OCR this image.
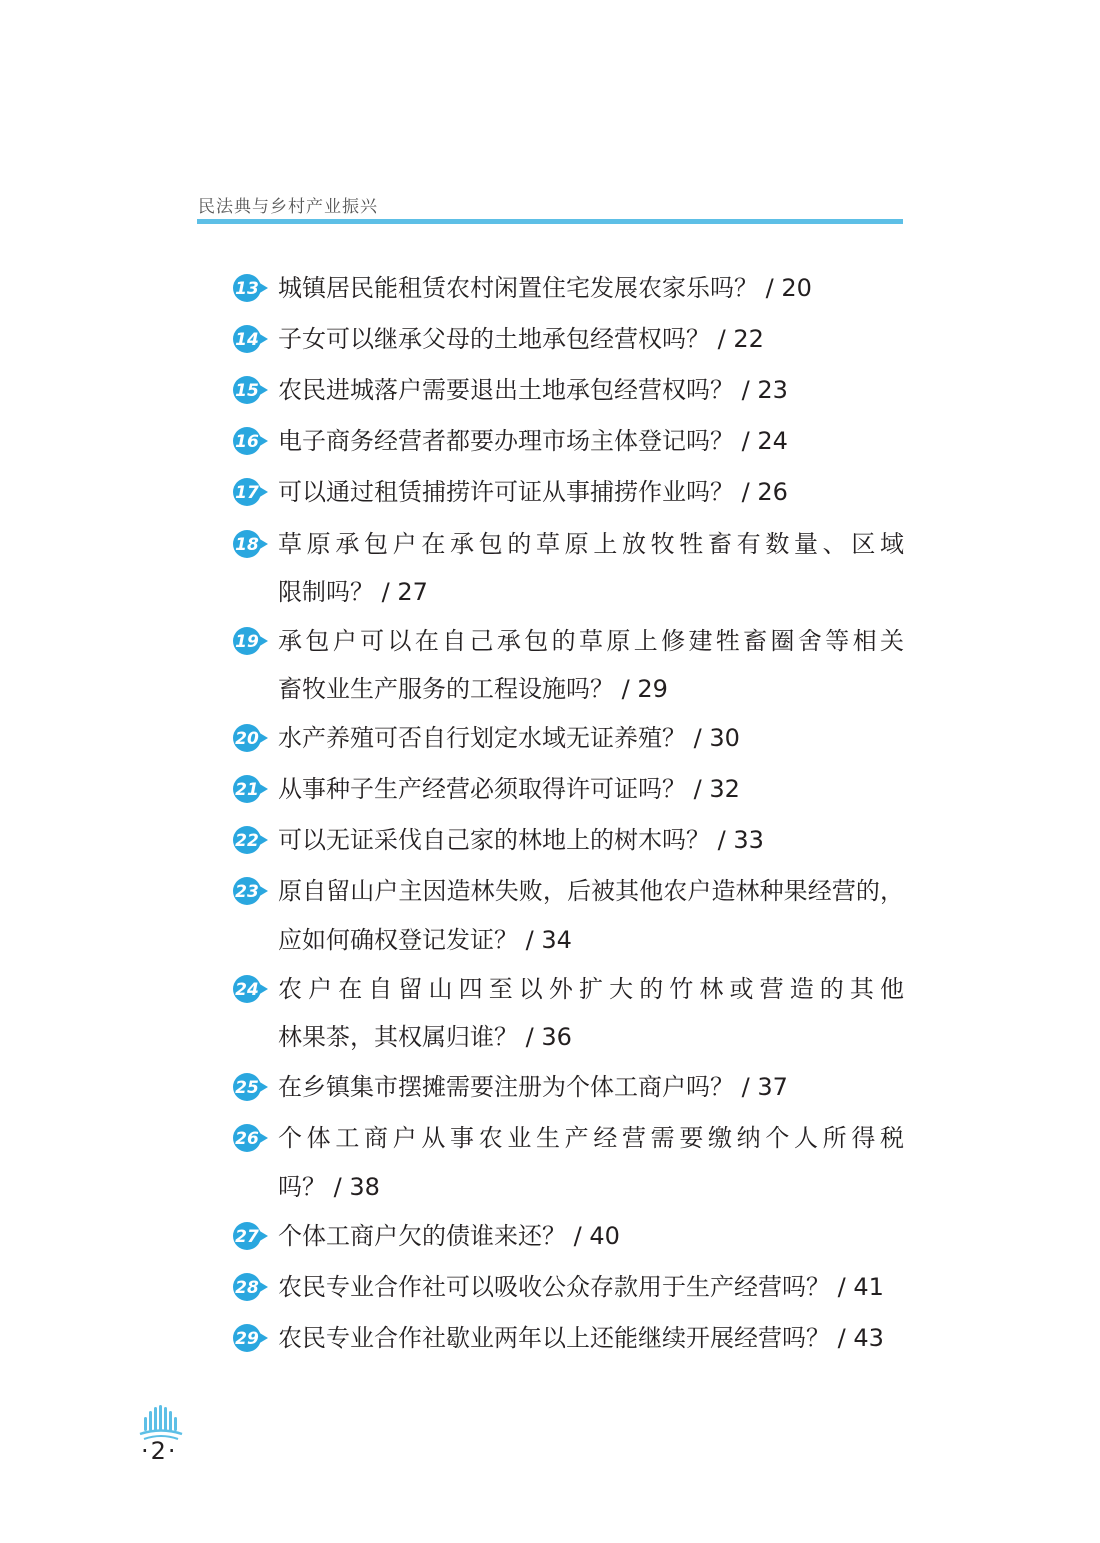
民法典与乡村产业振兴
13 城镇居民能租赁农村闲置住宅发展农家乐吗？ / 20
14 子女可以继承父母的土地承包经营权吗？ / 22
15 农民进城落户需要退出土地承包经营权吗？ / 23
16 电子商务经营者都要办理市场主体登记吗？ / 24
17 可以通过租赁捕捞许可证从事捕捞作业吗？ / 26
18 草原承包户在承包的草原上放牧牲畜有数量、区域
限制吗？ / 27
19 承包户可以在自己承包的草原上修建牲畜圈舍等相关
畜牧业生产服务的工程设施吗？ / 29
20 水产养殖可否自行划定水域无证养殖？ / 30
21 从事种子生产经营必须取得许可证吗？ / 32
22 可以无证采伐自己家的林地上的树木吗？ / 33
23 原自留山户主因造林失败，后被其他农户造林种果经营的，
应如何确权登记发证？ / 34
24 农户在自留山四至以外扩大的竹林或营造的其他
林果茶，其权属归谁？ / 36
25 在乡镇集市摆摊需要注册为个体工商户吗？ / 37
26 个体工商户从事农业生产经营需要缴纳个人所得税
吗？ / 38
27 个体工商户欠的债谁来还？ / 40
28 农民专业合作社可以吸收公众存款用于生产经营吗？ / 41
29 农民专业合作社歇业两年以上还能继续开展经营吗？ / 43
·2·
